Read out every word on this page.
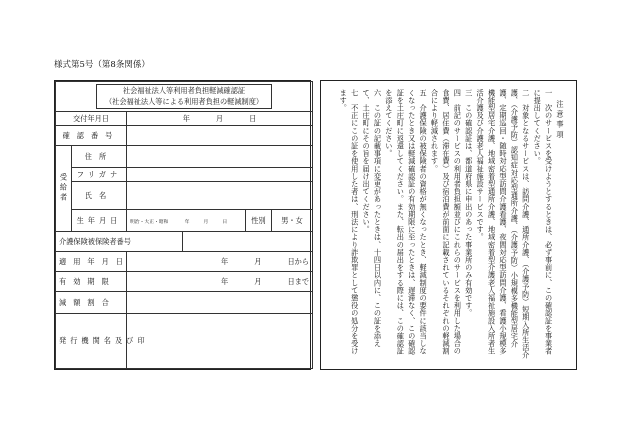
様式第5号（第8条関係）
社会福祉法人等利用者負担軽減確認証
（社会福祉法人等による利用者負担の軽減制度）					

交付年月日		年 月 日			
確認番号					
受給者	住所				
	フリガナ				
	氏名				
	生年月日	明治・大正・昭和 年 月 日		性別	男・女
介護保険被保険者番号					
適用年月日		年 月 日から			
有効期限		年 月 日まで			
減額割合					
発行機関名及び印					

注意事項

一　次のサービスを受けようとするときは、必ず事前に、この確認証を事業者に提出してください。

二　対象となるサービスは、訪問介護、通所介護、（介護予防）短期入所生活介護、（介護予防）認知症対応型通所介護、（介護予防）小規模多機能型居宅介護、定期巡回・随時対応型訪問介護看護、夜間対応型訪問介護、看護小規模多機能型居宅介護、地域密着型通所介護、地域密着型介護老人福祉施設入所者生活介護及び介護老人福祉施設サービスです。

三　この確認証は、都道府県に申出のあった事業所のみ有効です。

四　前記のサービスの利用者負担額並びにこれらのサービスを利用した場合の食費、居住費（滞在費）及び宿泊費が前面に記載されているそれぞれの軽減割合により軽減されます。

五　介護保険の被保険者の資格が無くなったとき、軽減制度の要件に該当しなくなったとき又は軽減確認証の有効期限に至ったときは、遅滞なく、この確認証を土庄町に返還してください。また、転出の届出をする際には、この確認証を添えてください。

六　この証の記載事項に変更があったときは、十四日以内に、この証を添えて、土庄町にその旨を届け出てください。

七　不正にこの証を使用した者は、刑法により詐欺罪として懲役の処分を受けます。
